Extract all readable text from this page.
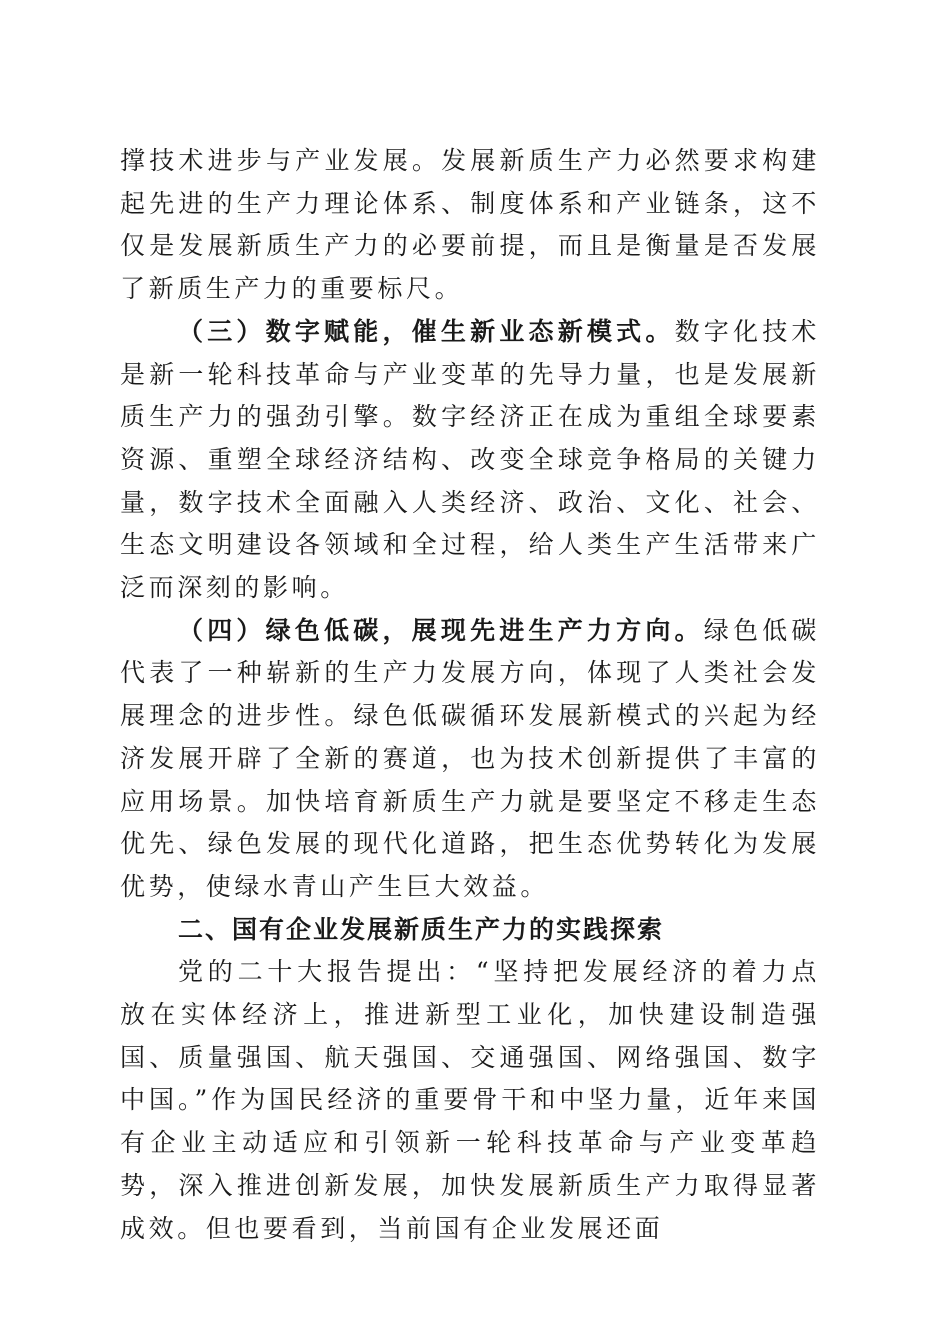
撑技术进步与产业发展。发展新质生产力必然要求构建起先进的生产力理论体系、制度体系和产业链条，这不仅是发展新质生产力的必要前提，而且是衡量是否发展了新质生产力的重要标尺。

（三）数字赋能，催生新业态新模式。数字化技术是新一轮科技革命与产业变革的先导力量，也是发展新质生产力的强劲引擎。数字经济正在成为重组全球要素资源、重塑全球经济结构、改变全球竞争格局的关键力量，数字技术全面融入人类经济、政治、文化、社会、生态文明建设各领域和全过程，给人类生产生活带来广泛而深刻的影响。

（四）绿色低碳，展现先进生产力方向。绿色低碳代表了一种崭新的生产力发展方向，体现了人类社会发展理念的进步性。绿色低碳循环发展新模式的兴起为经济发展开辟了全新的赛道，也为技术创新提供了丰富的应用场景。加快培育新质生产力就是要坚定不移走生态优先、绿色发展的现代化道路，把生态优势转化为发展优势，使绿水青山产生巨大效益。

二、国有企业发展新质生产力的实践探索

党的二十大报告提出：“坚持把发展经济的着力点放在实体经济上，推进新型工业化，加快建设制造强国、质量强国、航天强国、交通强国、网络强国、数字中国。”作为国民经济的重要骨干和中坚力量，近年来国有企业主动适应和引领新一轮科技革命与产业变革趋势，深入推进创新发展，加快发展新质生产力取得显著成效。但也要看到，当前国有企业发展还面
